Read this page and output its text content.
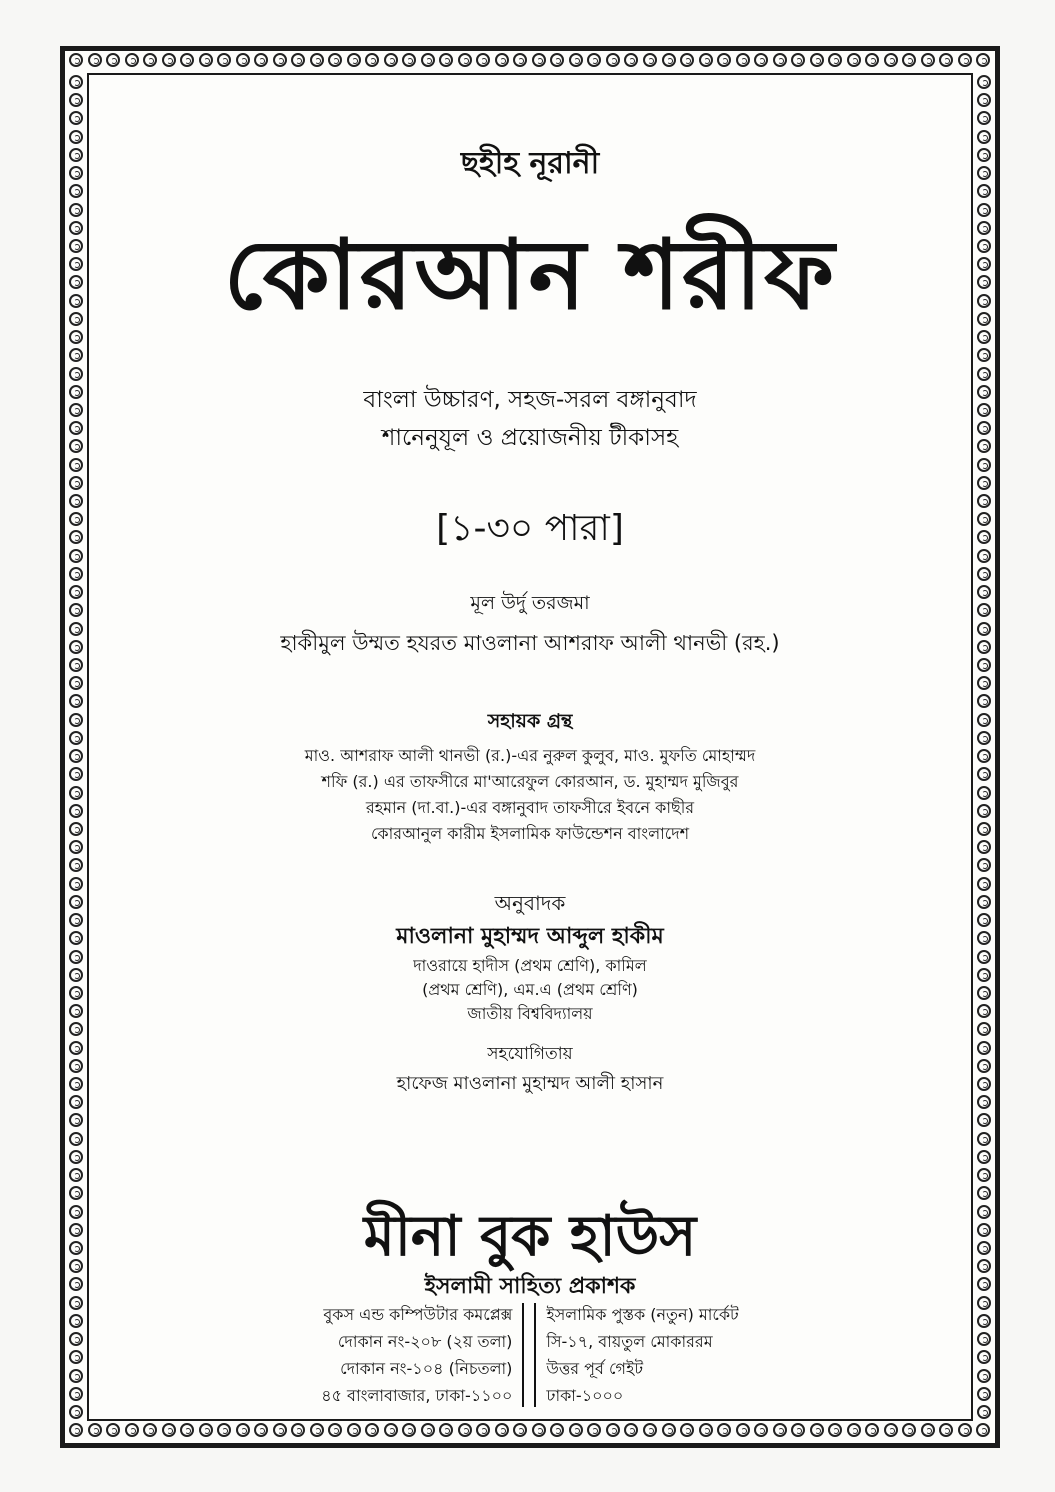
ছহীহ নূরানী
কোরআন শরীফ
বাংলা উচ্চারণ, সহজ-সরল বঙ্গানুবাদ
শানেনুযূল ও প্রয়োজনীয় টীকাসহ
[১-৩০ পারা]
মূল উর্দু তরজমা
হাকীমুল উম্মত হযরত মাওলানা আশরাফ আলী থানভী (রহ.)
সহায়ক গ্রন্থ
মাও. আশরাফ আলী থানভী (র.)-এর নুরুল কুলুব, মাও. মুফতি মোহাম্মদ
শফি (র.) এর তাফসীরে মা'আরেফুল কোরআন, ড. মুহাম্মদ মুজিবুর
রহমান (দা.বা.)-এর বঙ্গানুবাদ তাফসীরে ইবনে কাছীর
কোরআনুল কারীম ইসলামিক ফাউন্ডেশন বাংলাদেশ
অনুবাদক
মাওলানা মুহাম্মদ আব্দুল হাকীম
দাওরায়ে হাদীস (প্রথম শ্রেণি), কামিল
(প্রথম শ্রেণি), এম.এ (প্রথম শ্রেণি)
জাতীয় বিশ্ববিদ্যালয়
সহযোগিতায়
হাফেজ মাওলানা মুহাম্মদ আলী হাসান
মীনা বুক হাউস
ইসলামী সাহিত্য প্রকাশক
বুকস এন্ড কম্পিউটার কমপ্লেক্স
দোকান নং-২০৮ (২য় তলা)
দোকান নং-১০৪ (নিচতলা)
৪৫ বাংলাবাজার, ঢাকা-১১০০
ইসলামিক পুস্তক (নতুন) মার্কেট
সি-১৭, বায়তুল মোকাররম
উত্তর পূর্ব গেইট
ঢাকা-১০০০
